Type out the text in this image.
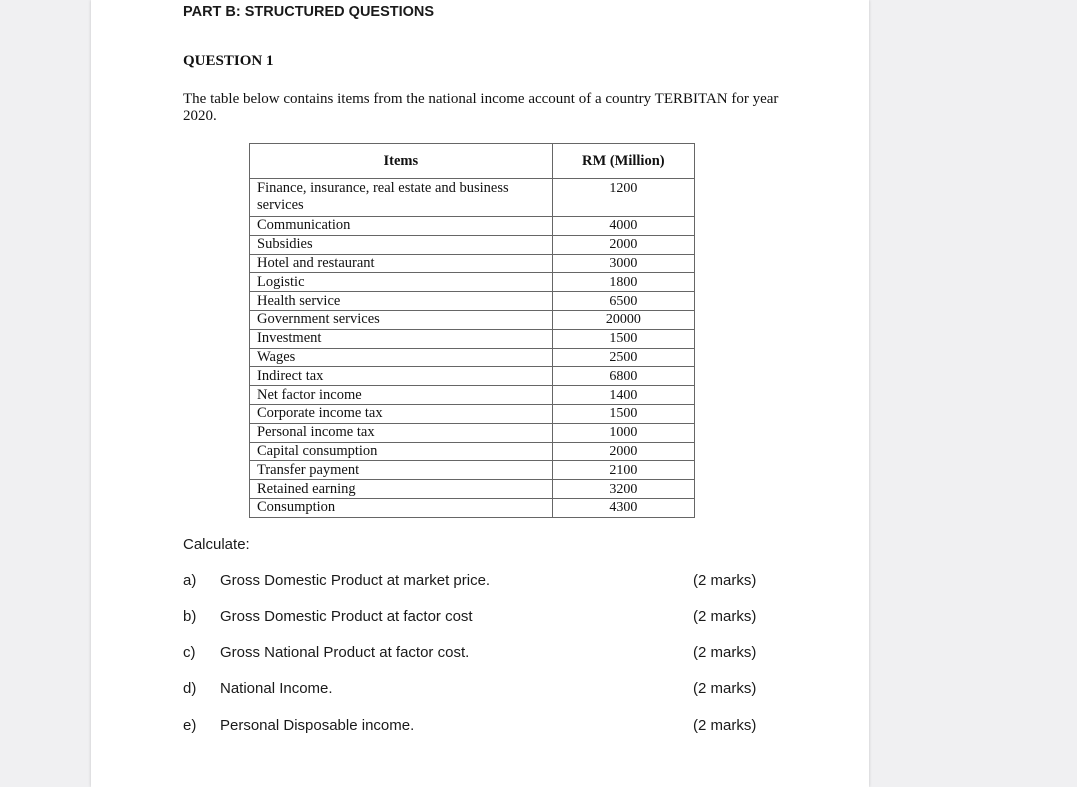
PART B: STRUCTURED QUESTIONS
QUESTION 1
The table below contains items from the national income account of a country TERBITAN for year 2020.
Items	RM (Million)
Finance, insurance, real estate and business services	1200
Communication	4000
Subsidies	2000
Hotel and restaurant	3000
Logistic	1800
Health service	6500
Government services	20000
Investment	1500
Wages	2500
Indirect tax	6800
Net factor income	1400
Corporate income tax	1500
Personal income tax	1000
Capital consumption	2000
Transfer payment	2100
Retained earning	3200
Consumption	4300
Calculate:
a) Gross Domestic Product at market price.	(2 marks)
b) Gross Domestic Product at factor cost	(2 marks)
c) Gross National Product at factor cost.	(2 marks)
d) National Income.	(2 marks)
e) Personal Disposable income.	(2 marks)
